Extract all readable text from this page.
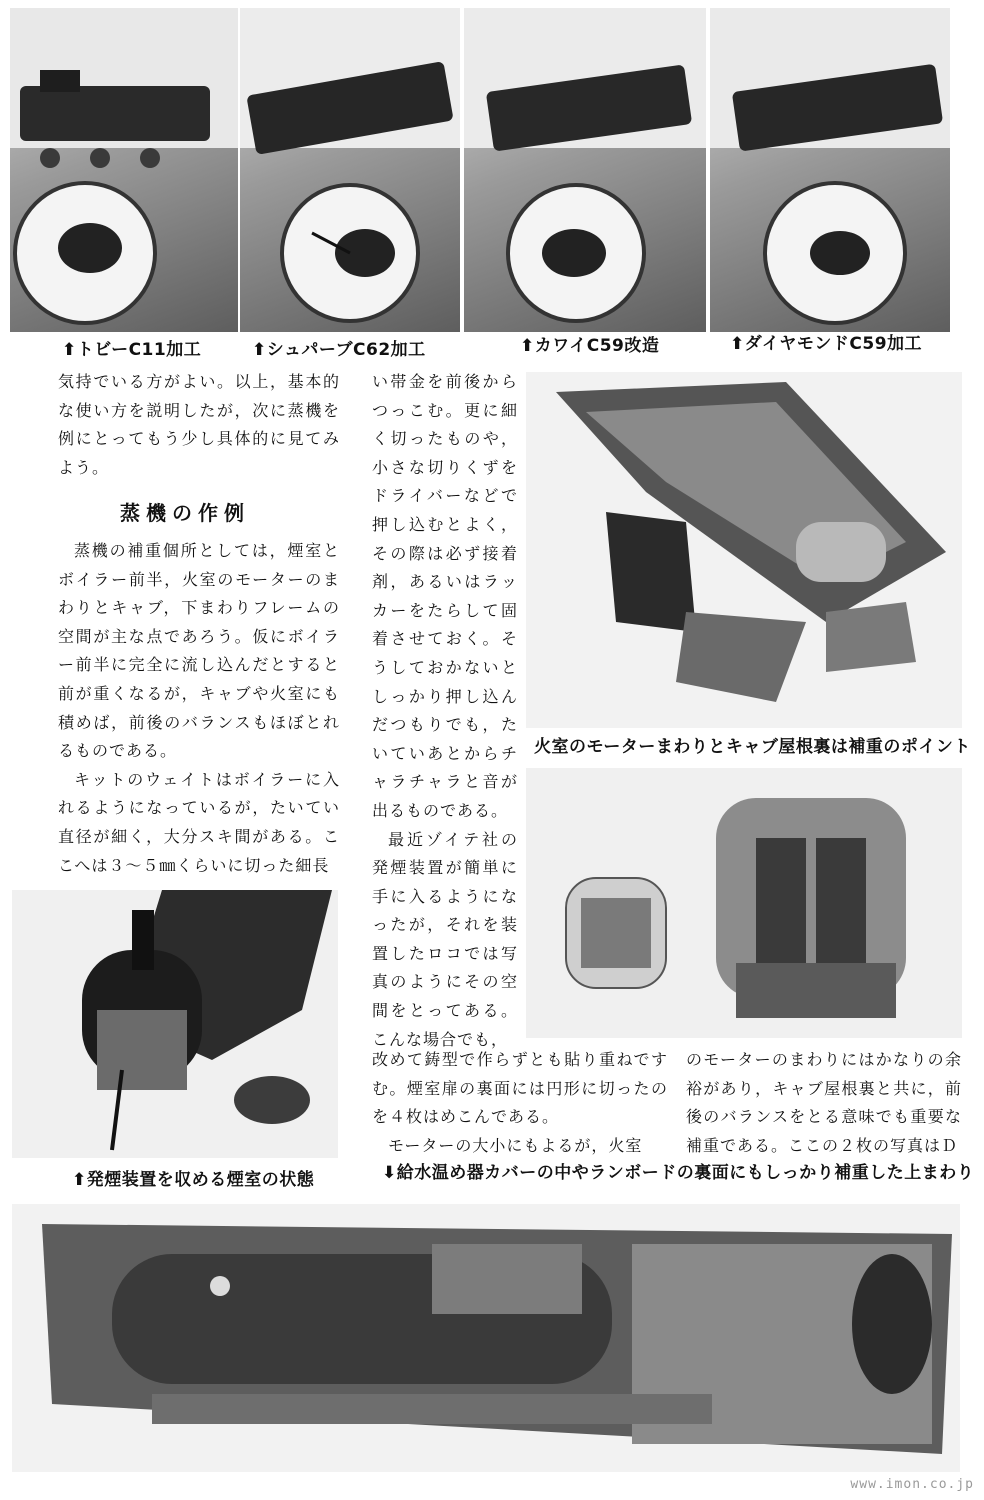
⬆トビーC11加工	⬆シュパーブC62加工	⬆カワイC59改造	⬆ダイヤモンドC59加工

気持でいる方がよい。以上，基本的な使い方を説明したが，次に蒸機を例にとってもう少し具体的に見てみよう。

蒸機の作例

蒸機の補重個所としては，煙室とボイラー前半，火室のモーターのまわりとキャブ，下まわりフレームの空間が主な点であろう。仮にボイラー前半に完全に流し込んだとすると前が重くなるが，キャブや火室にも積めば，前後のバランスもほぼとれるものである。

キットのウェイトはボイラーに入れるようになっているが，たいてい直径が細く，大分スキ間がある。ここへは３～５㎜くらいに切った細長

い帯金を前後からつっこむ。更に細く切ったものや，小さな切りくずをドライバーなどで押し込むとよく，その際は必ず接着剤，あるいはラッカーをたらして固着させておく。そうしておかないとしっかり押し込んだつもりでも，たいていあとからチャラチャラと音が出るものである。

最近ゾイテ社の発煙装置が簡単に手に入るようになったが，それを装置したロコでは写真のようにその空間をとってある。こんな場合でも，

改めて鋳型で作らずとも貼り重ねですむ。煙室扉の裏面には円形に切ったのを４枚はめこんである。

モーターの大小にもよるが，火室

火室のモーターまわりとキャブ屋根裏は補重のポイント

のモーターのまわりにはかなりの余裕があり，キャブ屋根裏と共に，前後のバランスをとる意味でも重要な補重である。ここの２枚の写真はＤ

⬆発煙装置を収める煙室の状態	⬇給水温め器カバーの中やランボードの裏面にもしっかり補重した上まわり
www.imon.co.jp
